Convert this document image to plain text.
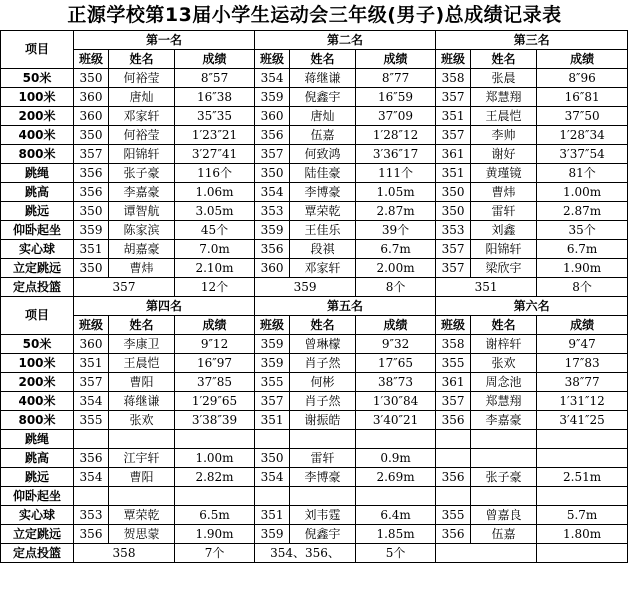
正源学校第13届小学生运动会三年级(男子)总成绩记录表
项目	第一名			第二名			第三名		
	班级	姓名	成绩	班级	姓名	成绩	班级	姓名	成绩
50米	350	何裕莹	8″57	354	蒋继谦	8″77	358	张晨	8″96
100米	360	唐灿	16″38	359	倪鑫宇	16″59	357	郑慧翔	16″81
200米	360	邓家轩	35″35	360	唐灿	37″09	351	王晨恺	37″50
400米	350	何裕莹	1′23″21	356	伍嘉	1′28″12	357	李帅	1′28″34
800米	357	阳锦轩	3′27″41	357	何致鸿	3′36″17	361	谢好	3′37″54
跳绳	356	张子豪	116个	350	陆佳豪	111个	351	黄瑾镜	81个
跳高	356	李嘉豪	1.06m	354	李博豪	1.05m	350	曹炜	1.00m
跳远	350	谭智航	3.05m	353	覃荣乾	2.87m	350	雷轩	2.87m
仰卧起坐	359	陈家滨	45个	359	王佳乐	39个	353	刘鑫	35个
实心球	351	胡嘉豪	7.0m	356	段祺	6.7m	357	阳锦轩	6.7m
立定跳远	350	曹炜	2.10m	360	邓家轩	2.00m	357	梁欣宇	1.90m
定点投篮	357		12个	359		8个	351		8个
项目	第四名			第五名			第六名		
	班级	姓名	成绩	班级	姓名	成绩	班级	姓名	成绩
50米	360	李康卫	9″12	359	曾琳檬	9″32	358	谢梓轩	9″47
100米	351	王晨恺	16″97	359	肖子然	17″65	355	张欢	17″83
200米	357	曹阳	37″85	355	何彬	38″73	361	周念池	38″77
400米	354	蒋继谦	1′29″65	357	肖子然	1′30″84	357	郑慧翔	1′31″12
800米	355	张欢	3′38″39	351	谢振皓	3′40″21	356	李嘉豪	3′41″25
跳绳									
跳高	356	江宇轩	1.00m	350	雷轩	0.9m			
跳远	354	曹阳	2.82m	354	李博豪	2.69m	356	张子豪	2.51m
仰卧起坐									
实心球	353	覃荣乾	6.5m	351	刘韦霆	6.4m	355	曾嘉良	5.7m
立定跳远	356	贺思蒙	1.90m	359	倪鑫宇	1.85m	356	伍嘉	1.80m
定点投篮	358		7个	354、356、		5个			
